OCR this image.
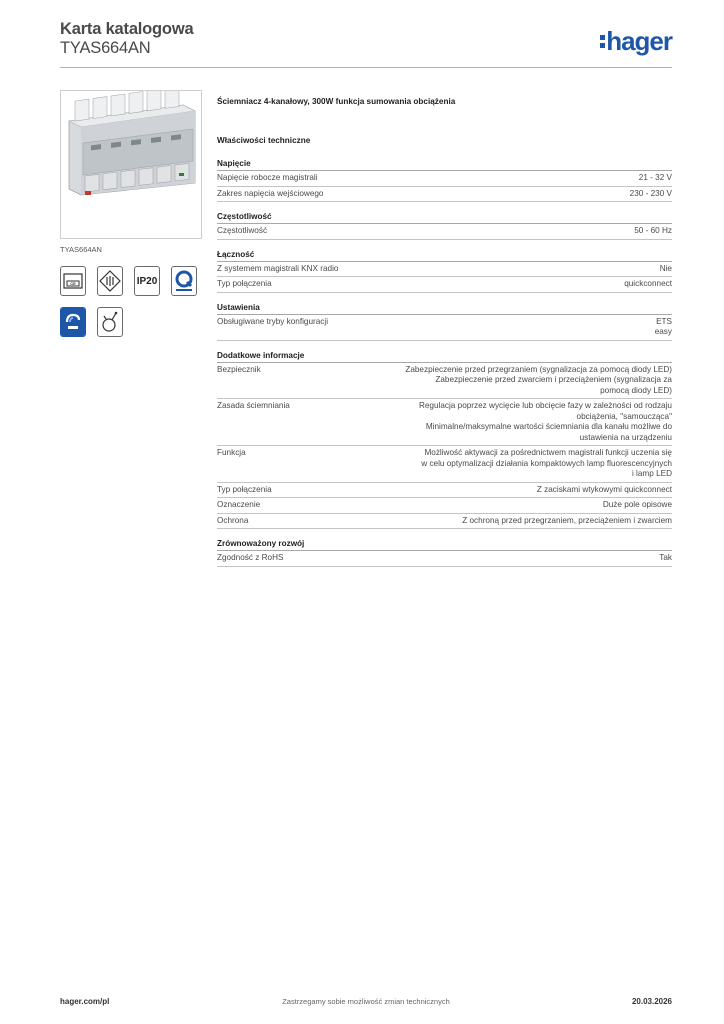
Karta katalogowa
TYAS664AN	hager
TYAS664AN
CE	IP20
Ściemniacz 4-kanałowy, 300W funkcja sumowania obciążenia
Właściwości techniczne
Napięcie
Napięcie robocze magistrali	21 - 32 V
Zakres napięcia wejściowego	230 - 230 V
Częstotliwość
Częstotliwość	50 - 60 Hz
Łączność
Z systemem magistrali KNX radio	Nie
Typ połączenia	quickconnect
Ustawienia
Obsługiwane tryby konfiguracji	ETS
easy
Dodatkowe informacje
Bezpiecznik	Zabezpieczenie przed przegrzaniem (sygnalizacja za pomocą diody LED)
Zabezpieczenie przed zwarciem i przeciążeniem (sygnalizacja za
pomocą diody LED)
Zasada ściemniania	Regulacja poprzez wycięcie lub obcięcie fazy w zależności od rodzaju
obciążenia, "samoucząca"
Minimalne/maksymalne wartości ściemniania dla kanału możliwe do
ustawienia na urządzeniu
Funkcja	Możliwość aktywacji za pośrednictwem magistrali funkcji uczenia się
w celu optymalizacji działania kompaktowych lamp fluorescencyjnych
i lamp LED
Typ połączenia	Z zaciskami wtykowymi quickconnect
Oznaczenie	Duże pole opisowe
Ochrona	Z ochroną przed przegrzaniem, przeciążeniem i zwarciem
Zrównoważony rozwój
Zgodność z RoHS	Tak
Zastrzegamy sobie możliwość zmian technicznych
hager.com/pl	20.03.2026
